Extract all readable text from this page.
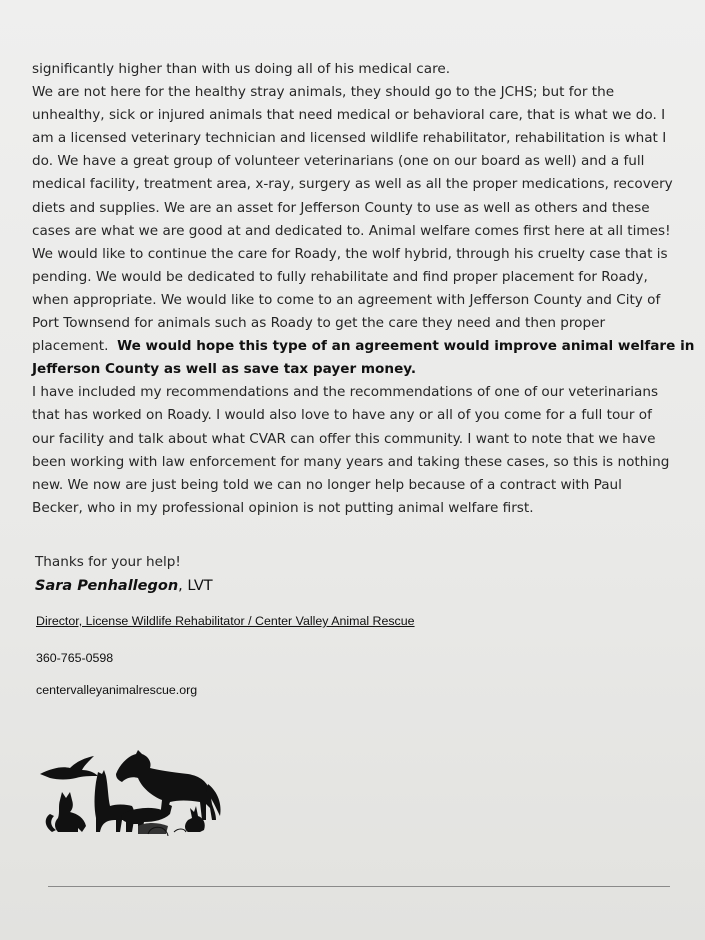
significantly higher than with us doing all of his medical care.

We are not here for the healthy stray animals, they should go to the JCHS; but for the

unhealthy, sick or injured animals that need medical or behavioral care, that is what we do. I

am a licensed veterinary technician and licensed wildlife rehabilitator, rehabilitation is what I

do. We have a great group of volunteer veterinarians (one on our board as well) and a full

medical facility, treatment area, x-ray, surgery as well as all the proper medications, recovery

diets and supplies. We are an asset for Jefferson County to use as well as others and these

cases are what we are good at and dedicated to. Animal welfare comes first here at all times!

We would like to continue the care for Roady, the wolf hybrid, through his cruelty case that is

pending. We would be dedicated to fully rehabilitate and find proper placement for Roady,

when appropriate. We would like to come to an agreement with Jefferson County and City of

Port Townsend for animals such as Roady to get the care they need and then proper

placement.  We would hope this type of an agreement would improve animal welfare in

Jefferson County as well as save tax payer money.

I have included my recommendations and the recommendations of one of our veterinarians

that has worked on Roady. I would also love to have any or all of you come for a full tour of

our facility and talk about what CVAR can offer this community. I want to note that we have

been working with law enforcement for many years and taking these cases, so this is nothing

new. We now are just being told we can no longer help because of a contract with Paul

Becker, who in my professional opinion is not putting animal welfare first.

Thanks for your help!

Sara Penhallegon, LVT

Director, License Wildlife Rehabilitator / Center Valley Animal Rescue

360-765-0598

centervalleyanimalrescue.org
